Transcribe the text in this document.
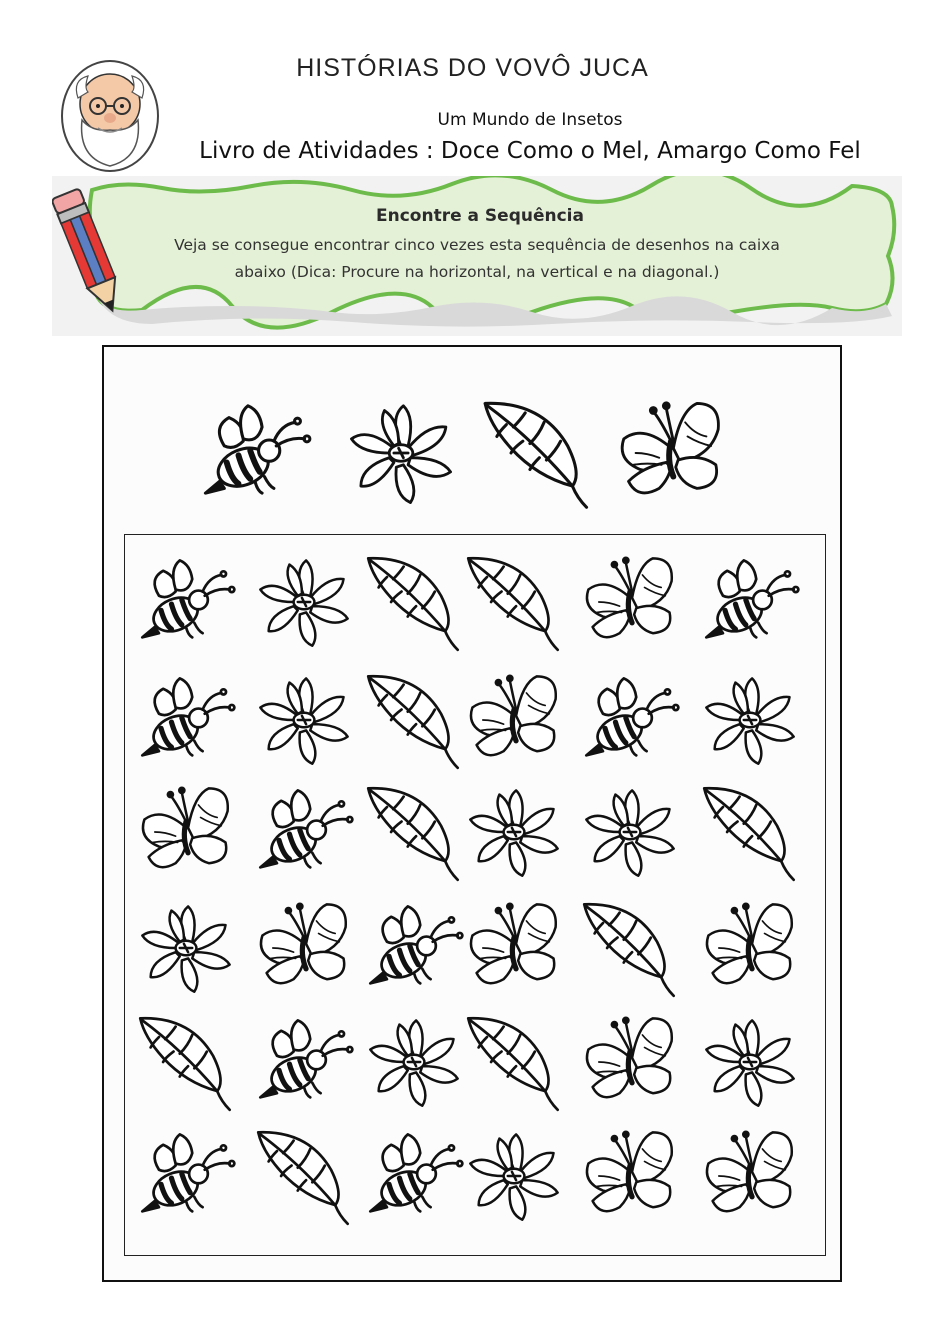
HISTÓRIAS DO VOVÔ JUCA
Um Mundo de Insetos
Livro de Atividades : Doce Como o Mel, Amargo Como Fel
Encontre a Sequência
Veja se consegue encontrar cinco vezes esta sequência de desenhos na caixa
abaixo (Dica: Procure na horizontal, na vertical e na diagonal.)
